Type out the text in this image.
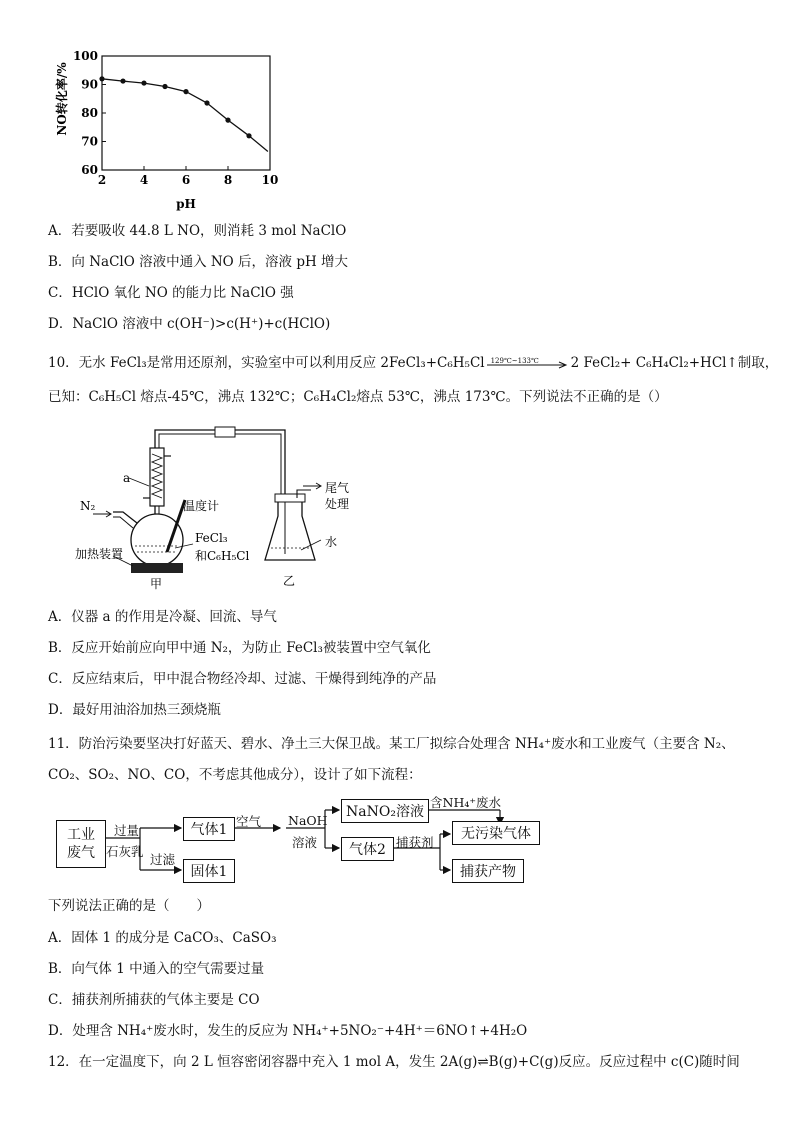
2	4	6	8 10
60
70
80
90
100
NO转化率/%
pH
A．若要吸收 44.8 L NO，则消耗 3 mol NaClO
B．向 NaClO 溶液中通入 NO 后，溶液 pH 增大
C．HClO 氧化 NO 的能力比 NaClO 强
D．NaClO 溶液中 c(OH⁻)>c(H⁺)+c(HClO)
10．无水 FeCl₃是常用还原剂，实验室中可以利用反应 2FeCl₃+C₆H₅Cl 129℃~133℃ 2 FeCl₂+ C₆H₄Cl₂+HCl↑制取，
已知：C₆H₅Cl 熔点-45℃，沸点 132℃；C₆H₄Cl₂熔点 53℃，沸点 173℃。下列说法不正确的是（）
a
N₂	温度计
加热装置
FeCl₃
和C₆H₅Cl
甲
尾气
处理
水
乙
A．仪器 a 的作用是冷凝、回流、导气
B．反应开始前应向甲中通 N₂，为防止 FeCl₃被装置中空气氧化
C．反应结束后，甲中混合物经冷却、过滤、干燥得到纯净的产品
D．最好用油浴加热三颈烧瓶
11．防治污染要坚决打好蓝天、碧水、净土三大保卫战。某工厂拟综合处理含 NH₄⁺废水和工业废气（主要含 N₂、
CO₂、SO₂、NO、CO，不考虑其他成分），设计了如下流程：
工业
废气
过量
石灰乳
过滤
气体1
固体1
空气 NaOH
溶液
NaNO₂溶液
含NH₄⁺废水
气体2 捕获剂
无污染气体
捕获产物
下列说法正确的是（　　）
A．固体 1 的成分是 CaCO₃、CaSO₃
B．向气体 1 中通入的空气需要过量
C．捕获剂所捕获的气体主要是 CO
D．处理含 NH₄⁺废水时，发生的反应为 NH₄⁺+5NO₂⁻+4H⁺＝6NO↑+4H₂O
12．在一定温度下，向 2 L 恒容密闭容器中充入 1 mol A，发生 2A(g)⇌B(g)+C(g)反应。反应过程中 c(C)随时间
